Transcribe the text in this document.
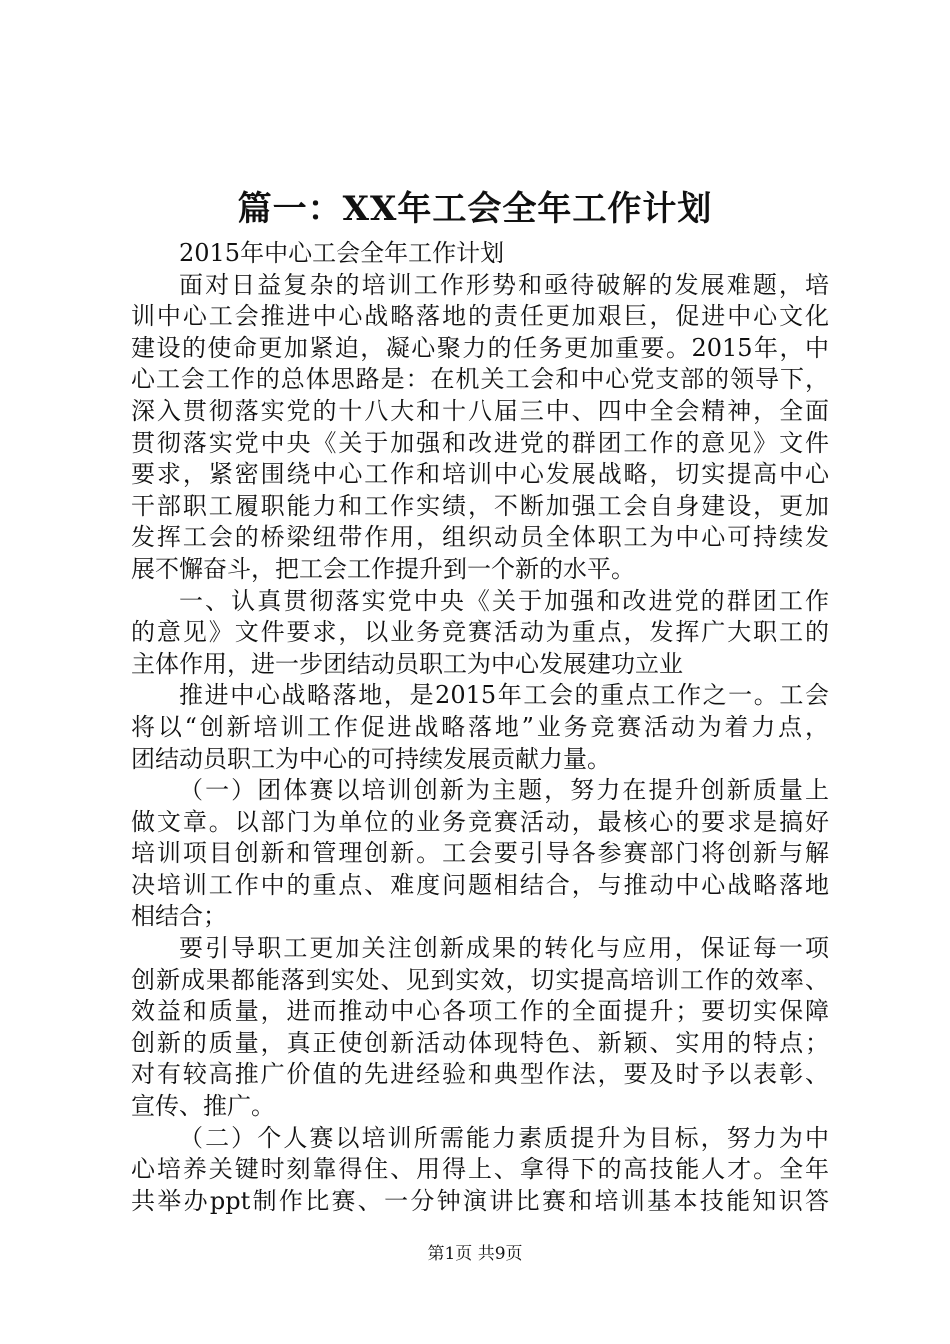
篇一：XX年工会全年工作计划
2015年中心工会全年工作计划
面对日益复杂的培训工作形势和亟待破解的发展难题，培
训中心工会推进中心战略落地的责任更加艰巨，促进中心文化
建设的使命更加紧迫，凝心聚力的任务更加重要。2015年，中
心工会工作的总体思路是：在机关工会和中心党支部的领导下，
深入贯彻落实党的十八大和十八届三中、四中全会精神，全面
贯彻落实党中央《关于加强和改进党的群团工作的意见》文件
要求，紧密围绕中心工作和培训中心发展战略，切实提高中心
干部职工履职能力和工作实绩，不断加强工会自身建设，更加
发挥工会的桥梁纽带作用，组织动员全体职工为中心可持续发
展不懈奋斗，把工会工作提升到一个新的水平。
一、认真贯彻落实党中央《关于加强和改进党的群团工作
的意见》文件要求，以业务竞赛活动为重点，发挥广大职工的
主体作用，进一步团结动员职工为中心发展建功立业
推进中心战略落地，是2015年工会的重点工作之一。工会
将以“创新培训工作促进战略落地”业务竞赛活动为着力点，
团结动员职工为中心的可持续发展贡献力量。
（一）团体赛以培训创新为主题，努力在提升创新质量上
做文章。以部门为单位的业务竞赛活动，最核心的要求是搞好
培训项目创新和管理创新。工会要引导各参赛部门将创新与解
决培训工作中的重点、难度问题相结合，与推动中心战略落地
相结合；
要引导职工更加关注创新成果的转化与应用，保证每一项
创新成果都能落到实处、见到实效，切实提高培训工作的效率、
效益和质量，进而推动中心各项工作的全面提升；要切实保障
创新的质量，真正使创新活动体现特色、新颖、实用的特点；
对有较高推广价值的先进经验和典型作法，要及时予以表彰、
宣传、推广。
（二）个人赛以培训所需能力素质提升为目标，努力为中
心培养关键时刻靠得住、用得上、拿得下的高技能人才。全年
共举办ppt制作比赛、一分钟演讲比赛和培训基本技能知识答
第1页 共9页
